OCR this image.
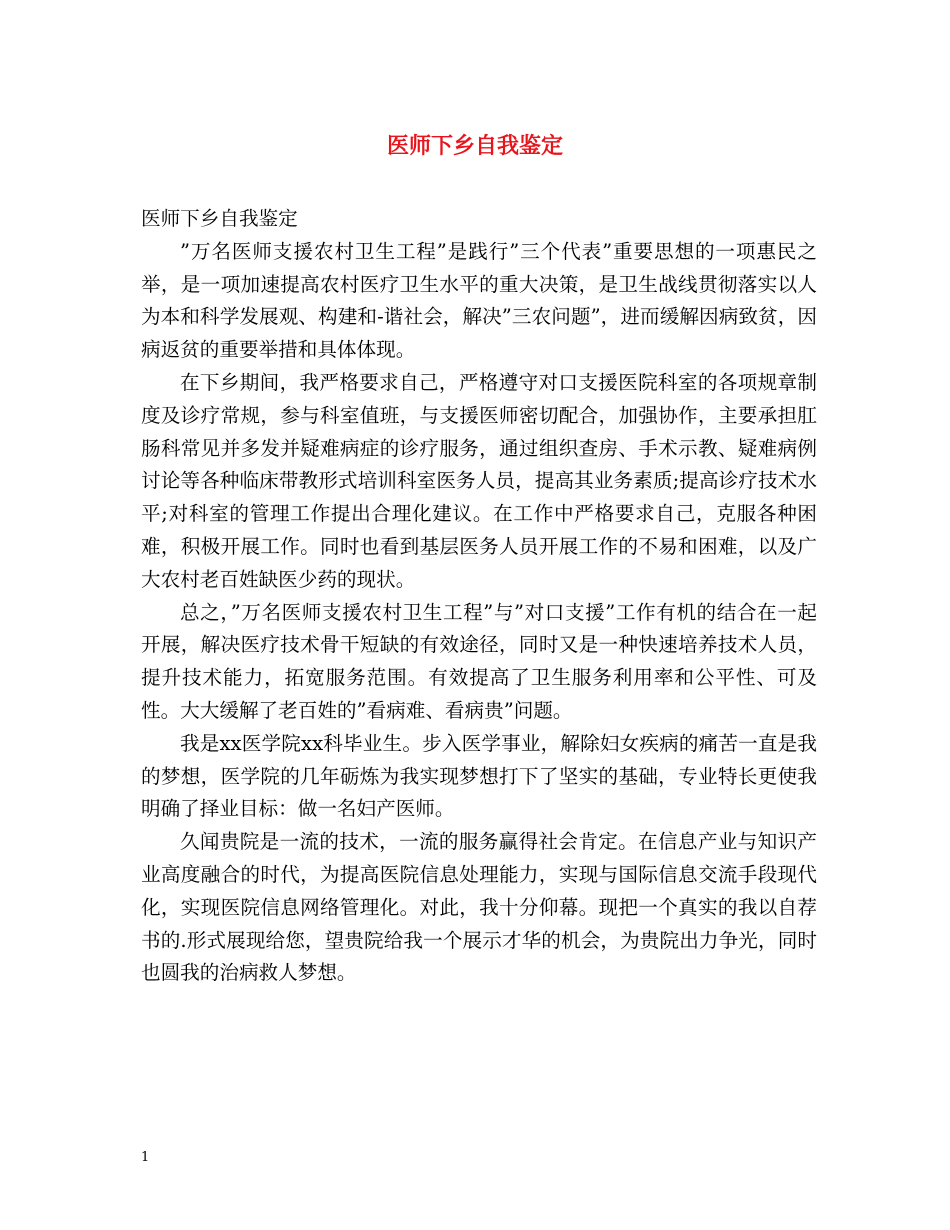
医师下乡自我鉴定

医师下乡自我鉴定

”万名医师支援农村卫生工程”是践行”三个代表”重要思想的一项惠民之举，是一项加速提高农村医疗卫生水平的重大决策，是卫生战线贯彻落实以人为本和科学发展观、构建和-谐社会，解决”三农问题”，进而缓解因病致贫，因病返贫的重要举措和具体体现。

在下乡期间，我严格要求自己，严格遵守对口支援医院科室的各项规章制度及诊疗常规，参与科室值班，与支援医师密切配合，加强协作，主要承担肛肠科常见并多发并疑难病症的诊疗服务，通过组织查房、手术示教、疑难病例讨论等各种临床带教形式培训科室医务人员，提高其业务素质;提高诊疗技术水平;对科室的管理工作提出合理化建议。在工作中严格要求自己，克服各种困难，积极开展工作。同时也看到基层医务人员开展工作的不易和困难，以及广大农村老百姓缺医少药的现状。

总之，”万名医师支援农村卫生工程”与”对口支援”工作有机的结合在一起开展，解决医疗技术骨干短缺的有效途径，同时又是一种快速培养技术人员，提升技术能力，拓宽服务范围。有效提高了卫生服务利用率和公平性、可及性。大大缓解了老百姓的”看病难、看病贵”问题。

我是xx医学院xx科毕业生。步入医学事业，解除妇女疾病的痛苦一直是我的梦想，医学院的几年砺炼为我实现梦想打下了坚实的基础，专业特长更使我明确了择业目标：做一名妇产医师。

久闻贵院是一流的技术，一流的服务赢得社会肯定。在信息产业与知识产业高度融合的时代，为提高医院信息处理能力，实现与国际信息交流手段现代化，实现医院信息网络管理化。对此，我十分仰幕。现把一个真实的我以自荐书的.形式展现给您，望贵院给我一个展示才华的机会，为贵院出力争光，同时也圆我的治病救人梦想。

1
